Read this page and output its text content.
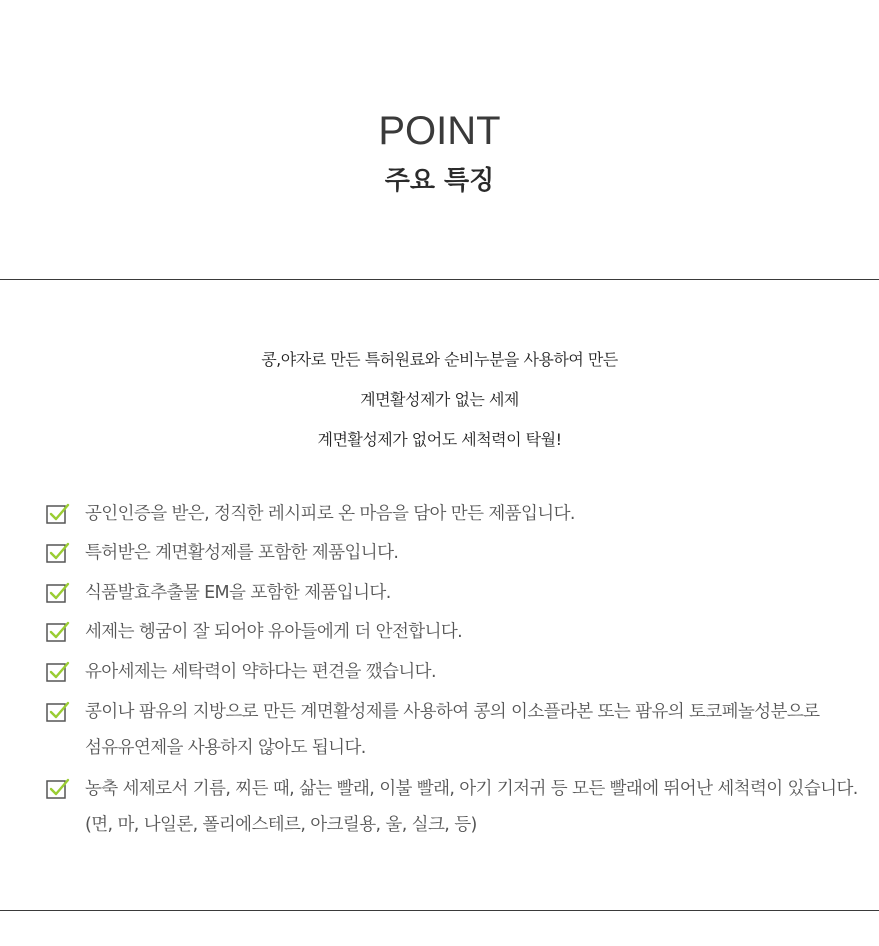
POINT
주요 특징
콩,야자로 만든 특허원료와 순비누분을 사용하여 만든
계면활성제가 없는 세제
계면활성제가 없어도 세척력이 탁월!
공인인증을 받은, 정직한 레시피로 온 마음을 담아 만든 제품입니다.
특허받은 계면활성제를 포함한 제품입니다.
식품발효추출물 EM을 포함한 제품입니다.
세제는 헹굼이 잘 되어야 유아들에게 더 안전합니다.
유아세제는 세탁력이 약하다는 편견을 깼습니다.
콩이나 팜유의 지방으로 만든 계면활성제를 사용하여 콩의 이소플라본 또는 팜유의 토코페놀성분으로
섬유유연제을 사용하지 않아도 됩니다.
농축 세제로서 기름, 찌든 때, 삶는 빨래, 이불 빨래, 아기 기저귀 등 모든 빨래에 뛰어난 세척력이 있습니다.
(면, 마, 나일론, 폴리에스테르, 아크릴용, 울, 실크, 등)
